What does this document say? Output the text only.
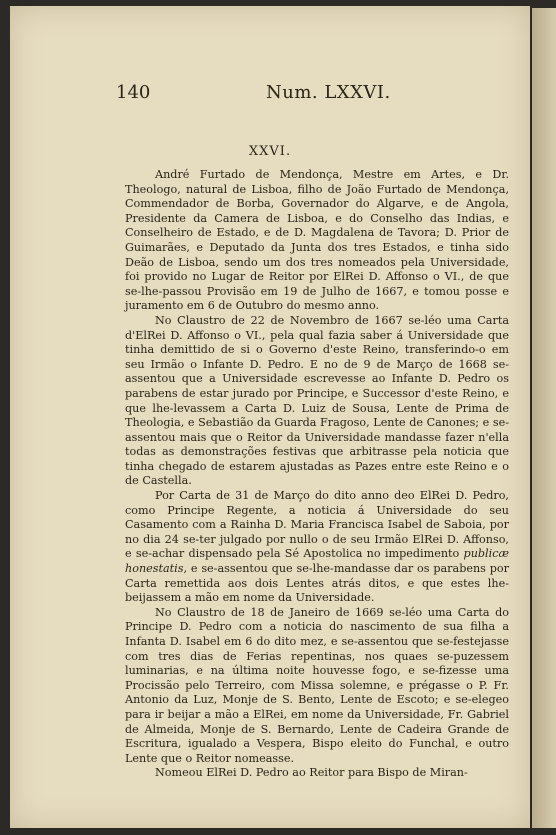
140	Num. LXXVI.
XXVI.

André Furtado de Mendonça, Mestre em Artes, e Dr. Theologo, natural de Lisboa, filho de João Furtado de Mendonça, Commendador de Borba, Governador do Algarve, e de Angola, Presidente da Camera de Lisboa, e do Conselho das Indias, e Conselheiro de Estado, e de D. Magdalena de Tavora; D. Prior de Guimarães, e Deputado da Junta dos tres Estados, e tinha sido Deão de Lisboa, sendo um dos tres nomeados pela Universidade, foi provido no Lugar de Reitor por ElRei D. Affonso o VI., de que se-lhe-passou Provisão em 19 de Julho de 1667, e tomou posse e juramento em 6 de Outubro do mesmo anno.

No Claustro de 22 de Novembro de 1667 se-léo uma Carta d'ElRei D. Affonso o VI., pela qual fazia saber á Universidade que tinha demittido de si o Governo d'este Reino, transferindo-o em seu Irmão o Infante D. Pedro. E no de 9 de Março de 1668 se-assentou que a Universidade escrevesse ao Infante D. Pedro os parabens de estar jurado por Principe, e Successor d'este Reino, e que lhe-levassem a Carta D. Luiz de Sousa, Lente de Prima de Theologia, e Sebastião da Guarda Fragoso, Lente de Canones; e se-assentou mais que o Reitor da Universidade mandasse fazer n'ella todas as demonstrações festivas que arbitrasse pela noticia que tinha chegado de estarem ajustadas as Pazes entre este Reino e o de Castella.

Por Carta de 31 de Março do dito anno deo ElRei D. Pedro, como Principe Regente, a noticia á Universidade do seu Casamento com a Rainha D. Maria Francisca Isabel de Saboia, por no dia 24 se-ter julgado por nullo o de seu Irmão ElRei D. Affonso, e se-achar dispensado pela Sé Apostolica no impedimento publicæ honestatis, e se-assentou que se-lhe-mandasse dar os parabens por Carta remettida aos dois Lentes atrás ditos, e que estes lhe-beijassem a mão em nome da Universidade.

No Claustro de 18 de Janeiro de 1669 se-léo uma Carta do Principe D. Pedro com a noticia do nascimento de sua filha a Infanta D. Isabel em 6 do dito mez, e se-assentou que se-festejasse com tres dias de Ferias repentinas, nos quaes se-puzessem luminarias, e na última noite houvesse fogo, e se-fizesse uma Procissão pelo Terreiro, com Missa solemne, e prégasse o P. Fr. Antonio da Luz, Monje de S. Bento, Lente de Escoto; e se-elegeo para ir beijar a mão a ElRei, em nome da Universidade, Fr. Gabriel de Almeida, Monje de S. Bernardo, Lente de Cadeira Grande de Escritura, igualado a Vespera, Bispo eleito do Funchal, e outro Lente que o Reitor nomeasse.

Nomeou ElRei D. Pedro ao Reitor para Bispo de Miran-
